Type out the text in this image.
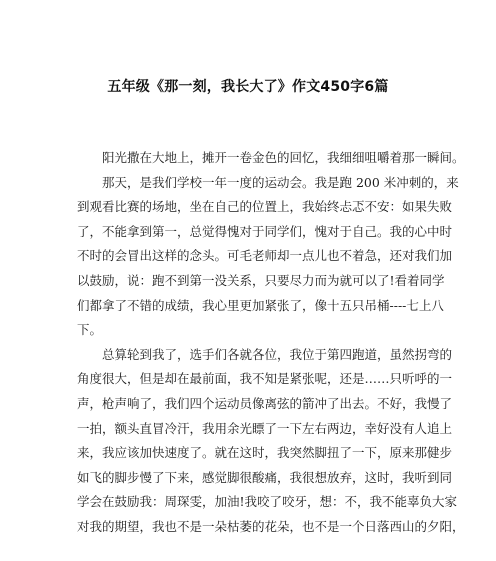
五年级《那一刻，我长大了》作文450字6篇

阳光撒在大地上，摊开一卷金色的回忆，我细细咀嚼着那一瞬间。

那天，是我们学校一年一度的运动会。我是跑 200 米冲刺的，来
到观看比赛的场地，坐在自己的位置上，我始终忐忑不安：如果失败
了，不能拿到第一，总觉得愧对于同学们，愧对于自己。我的心中时
不时的会冒出这样的念头。可毛老师却一点儿也不着急，还对我们加
以鼓励，说：跑不到第一没关系，只要尽力而为就可以了!看着同学
们都拿了不错的成绩，我心里更加紧张了，像十五只吊桶----七上八
下。

总算轮到我了，选手们各就各位，我位于第四跑道，虽然拐弯的
角度很大，但是却在最前面，我不知是紧张呢，还是……只听呼的一
声，枪声响了，我们四个运动员像离弦的箭冲了出去。不好，我慢了
一拍，额头直冒冷汗，我用余光瞟了一下左右两边，幸好没有人追上
来，我应该加快速度了。就在这时，我突然脚扭了一下，原来那健步
如飞的脚步慢了下来，感觉脚很酸痛，我很想放弃，这时，我听到同
学会在鼓励我：周琛雯，加油!我咬了咬牙，想：不，我不能辜负大家
对我的期望，我也不是一朵枯萎的花朵，也不是一个日落西山的夕阳，
